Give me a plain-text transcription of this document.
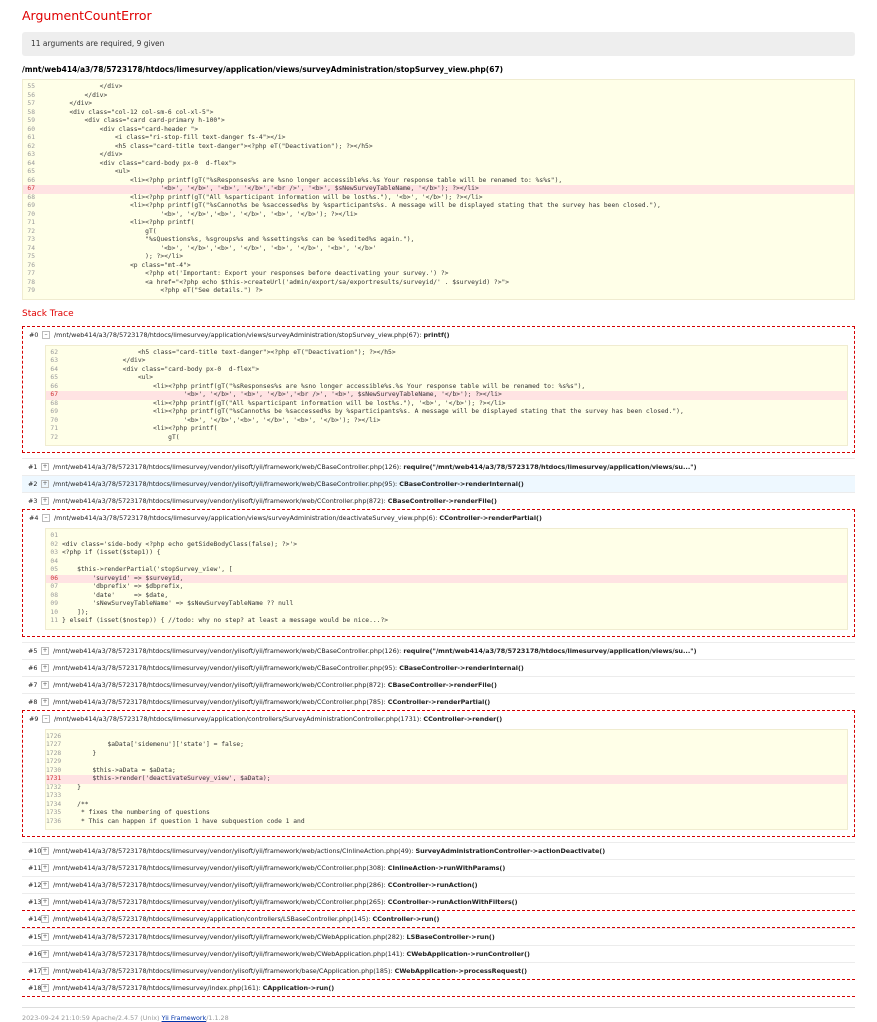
ArgumentCountError
11 arguments are required, 9 given
/mnt/web414/a3/78/5723178/htdocs/limesurvey/application/views/surveyAdministration/stopSurvey_view.php(67)
55 </div>
56 </div>
57 </div>
58 <div class="col-12 col-sm-6 col-xl-5">
59 <div class="card card-primary h-100">
60 <div class="card-header ">
61 <i class="ri-stop-fill text-danger fs-4"></i>
62 <h5 class="card-title text-danger"><?php eT("Deactivation"); ?></h5>
63 </div>
64 <div class="card-body px-0  d-flex">
65 <ul>
66 <li><?php printf(gT("%sResponses%s are %sno longer accessible%s.%s Your response table will be renamed to: %s%s"),
67 '<b>', '</b>', '<b>', '</b>','<br />', '<b>', $sNewSurveyTableName, '</b>'); ?></li>
68 <li><?php printf(gT("All %sparticipant information will be lost%s."), '<b>', '</b>'); ?></li>
69 <li><?php printf(gT("%sCannot%s be %saccessed%s by %sparticipants%s. A message will be displayed stating that the survey has been closed."),
70 '<b>', '</b>','<b>', '</b>', '<b>', '</b>'); ?></li>
71 <li><?php printf(
72 gT(
73 "%sQuestions%s, %sgroups%s and %ssettings%s can be %sedited%s again."),
74 '<b>', '</b>','<b>', '</b>', '<b>', '</b>', '<b>', '</b>'
75 ); ?></li>
76 <p class="mt-4">
77 <?php et('Important: Export your responses before deactivating your survey.') ?>
78 <a href="<?php echo $this->createUrl('admin/export/sa/exportresults/surveyid/' . $surveyid) ?>">
79 <?php eT("See details.") ?>
Stack Trace
#0	–	/mnt/web414/a3/78/5723178/htdocs/limesurvey/application/views/surveyAdministration/stopSurvey_view.php(67): printf()
62 <h5 class="card-title text-danger"><?php eT("Deactivation"); ?></h5>
63 </div>
64 <div class="card-body px-0  d-flex">
65 <ul>
66 <li><?php printf(gT("%sResponses%s are %sno longer accessible%s.%s Your response table will be renamed to: %s%s"),
67 '<b>', '</b>', '<b>', '</b>','<br />', '<b>', $sNewSurveyTableName, '</b>'); ?></li>
68 <li><?php printf(gT("All %sparticipant information will be lost%s."), '<b>', '</b>'); ?></li>
69 <li><?php printf(gT("%sCannot%s be %saccessed%s by %sparticipants%s. A message will be displayed stating that the survey has been closed."),
70 '<b>', '</b>','<b>', '</b>', '<b>', '</b>'); ?></li>
71 <li><?php printf(
72 gT(
#1 + /mnt/web414/a3/78/5723178/htdocs/limesurvey/vendor/yiisoft/yii/framework/web/CBaseController.php(126): require("/mnt/web414/a3/78/5723178/htdocs/limesurvey/application/views/su...")
#2 + /mnt/web414/a3/78/5723178/htdocs/limesurvey/vendor/yiisoft/yii/framework/web/CBaseController.php(95): CBaseController->renderInternal()
#3 + /mnt/web414/a3/78/5723178/htdocs/limesurvey/vendor/yiisoft/yii/framework/web/CController.php(872): CBaseController->renderFile()
#4	–	/mnt/web414/a3/78/5723178/htdocs/limesurvey/application/views/surveyAdministration/deactivateSurvey_view.php(6): CController->renderPartial()
01
02 <div class='side-body <?php echo getSideBodyClass(false); ?>'>
03 <?php if (isset($step1)) {
04
05 $this->renderPartial('stopSurvey_view', [
06 'surveyid' => $surveyid,
07 'dbprefix' => $dbprefix,
08 'date'     => $date,
09 'sNewSurveyTableName' => $sNewSurveyTableName ?? null
10 ]);
11 } elseif (isset($nostep)) { //todo: why no step? at least a message would be nice...?>
#5 + /mnt/web414/a3/78/5723178/htdocs/limesurvey/vendor/yiisoft/yii/framework/web/CBaseController.php(126): require("/mnt/web414/a3/78/5723178/htdocs/limesurvey/application/views/su...")
#6 + /mnt/web414/a3/78/5723178/htdocs/limesurvey/vendor/yiisoft/yii/framework/web/CBaseController.php(95): CBaseController->renderInternal()
#7 + /mnt/web414/a3/78/5723178/htdocs/limesurvey/vendor/yiisoft/yii/framework/web/CController.php(872): CBaseController->renderFile()
#8 + /mnt/web414/a3/78/5723178/htdocs/limesurvey/vendor/yiisoft/yii/framework/web/CController.php(785): CController->renderPartial()
#9	–	/mnt/web414/a3/78/5723178/htdocs/limesurvey/application/controllers/SurveyAdministrationController.php(1731): CController->render()
1726
1727 $aData['sidemenu']['state'] = false;
1728 }
1729
1730 $this->aData = $aData;
1731 $this->render('deactivateSurvey_view', $aData);
1732 }
1733
1734 /**
1735 * fixes the numbering of questions
1736 * This can happen if question 1 have subquestion code 1 and
#10 + /mnt/web414/a3/78/5723178/htdocs/limesurvey/vendor/yiisoft/yii/framework/web/actions/CInlineAction.php(49): SurveyAdministrationController->actionDeactivate()
#11 + /mnt/web414/a3/78/5723178/htdocs/limesurvey/vendor/yiisoft/yii/framework/web/CController.php(308): CInlineAction->runWithParams()
#12 + /mnt/web414/a3/78/5723178/htdocs/limesurvey/vendor/yiisoft/yii/framework/web/CController.php(286): CController->runAction()
#13 + /mnt/web414/a3/78/5723178/htdocs/limesurvey/vendor/yiisoft/yii/framework/web/CController.php(265): CController->runActionWithFilters()
#14 + /mnt/web414/a3/78/5723178/htdocs/limesurvey/application/controllers/LSBaseController.php(145): CController->run()
#15 + /mnt/web414/a3/78/5723178/htdocs/limesurvey/vendor/yiisoft/yii/framework/web/CWebApplication.php(282): LSBaseController->run()
#16 + /mnt/web414/a3/78/5723178/htdocs/limesurvey/vendor/yiisoft/yii/framework/web/CWebApplication.php(141): CWebApplication->runController()
#17 + /mnt/web414/a3/78/5723178/htdocs/limesurvey/vendor/yiisoft/yii/framework/base/CApplication.php(185): CWebApplication->processRequest()
#18 + /mnt/web414/a3/78/5723178/htdocs/limesurvey/index.php(161): CApplication->run()
2023-09-24 21:10:59 Apache/2.4.57 (Unix) Yii Framework/1.1.28
